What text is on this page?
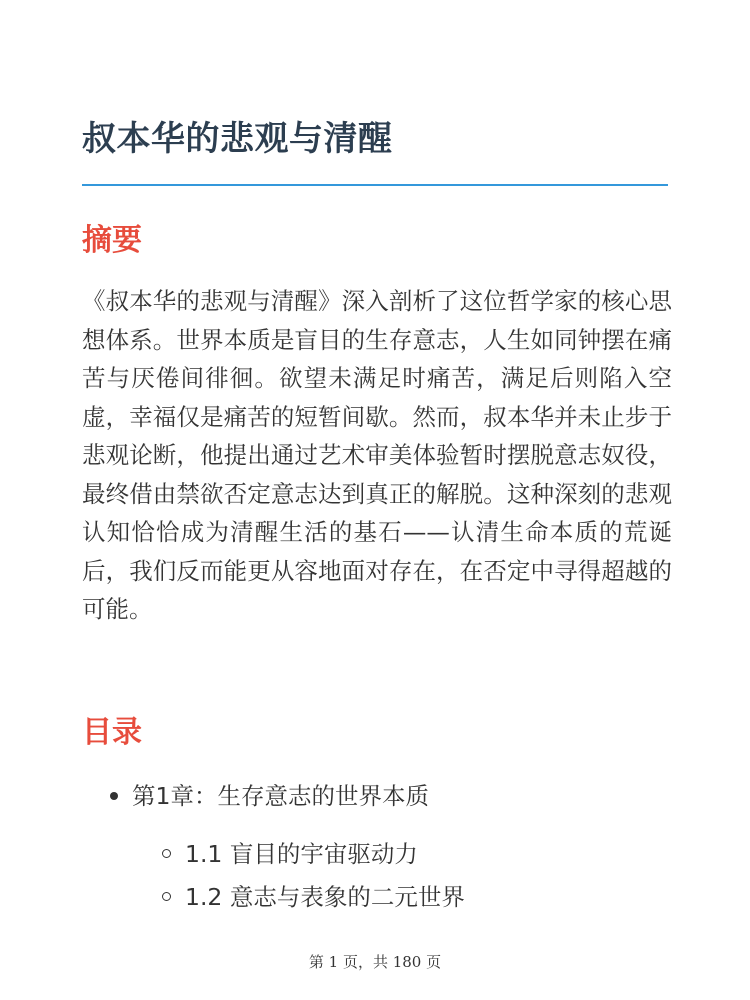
叔本华的悲观与清醒
摘要

《叔本华的悲观与清醒》深入剖析了这位哲学家的核心思想体系。世界本质是盲目的生存意志，人生如同钟摆在痛苦与厌倦间徘徊。欲望未满足时痛苦，满足后则陷入空虚，幸福仅是痛苦的短暂间歇。然而，叔本华并未止步于悲观论断，他提出通过艺术审美体验暂时摆脱意志奴役，最终借由禁欲否定意志达到真正的解脱。这种深刻的悲观认知恰恰成为清醒生活的基石——认清生命本质的荒诞后，我们反而能更从容地面对存在，在否定中寻得超越的可能。

目录
第1章：生存意志的世界本质
1.1 盲目的宇宙驱动力
1.2 意志与表象的二元世界
第 1 页，共 180 页
